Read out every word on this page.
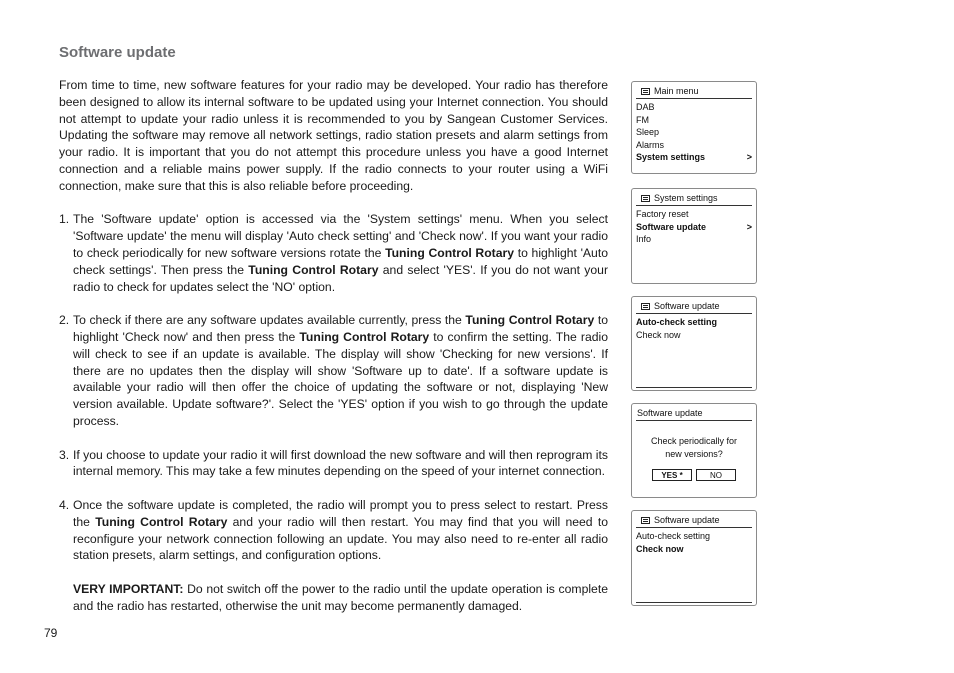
Software update

From time to time, new software features for your radio may be developed. Your radio has therefore been designed to allow its internal software to be updated using your Internet connection. You should not attempt to update your radio unless it is recommended to you by Sangean Customer Services. Updating the software may remove all network settings, radio station presets and alarm settings from your radio. It is important that you do not attempt this procedure unless you have a good Internet connection and a reliable mains power supply. If the radio connects to your router using a WiFi connection, make sure that this is also reliable before proceeding.

1. The 'Software update' option is accessed via the 'System settings' menu. When you select 'Software update' the menu will display 'Auto check setting' and 'Check now'. If you want your radio to check periodically for new software versions rotate the Tuning Control Rotary to highlight 'Auto check settings'. Then press the Tuning Control Rotary and select 'YES'. If you do not want your radio to check for updates select the 'NO' option.
2. To check if there are any software updates available currently, press the Tuning Control Rotary to highlight 'Check now' and then press the Tuning Control Rotary to confirm the setting. The radio will check to see if an update is available. The display will show 'Checking for new versions'. If there are no updates then the display will show 'Software up to date'. If a software update is available your radio will then offer the choice of updating the software or not, displaying 'New version available. Update software?'. Select the 'YES' option if you wish to go through the update process.
3. If you choose to update your radio it will first download the new software and will then reprogram its internal memory. This may take a few minutes depending on the speed of your internet connection.
4. Once the software update is completed, the radio will prompt you to press select to restart. Press the Tuning Control Rotary and your radio will then restart. You may find that you will need to reconfigure your network connection following an update. You may also need to re-enter all radio station presets, alarm settings, and configuration options.

VERY IMPORTANT: Do not switch off the power to the radio until the update operation is complete and the radio has restarted, otherwise the unit may become permanently damaged.

79
Main menu
DAB
FM
Sleep
Alarms
System settings	>
System settings
Factory reset
Software update	>
Info
Software update
Auto-check setting
Check now
Software update
Check periodically for
new versions?
YES *	NO
Software update
Auto-check setting
Check now
